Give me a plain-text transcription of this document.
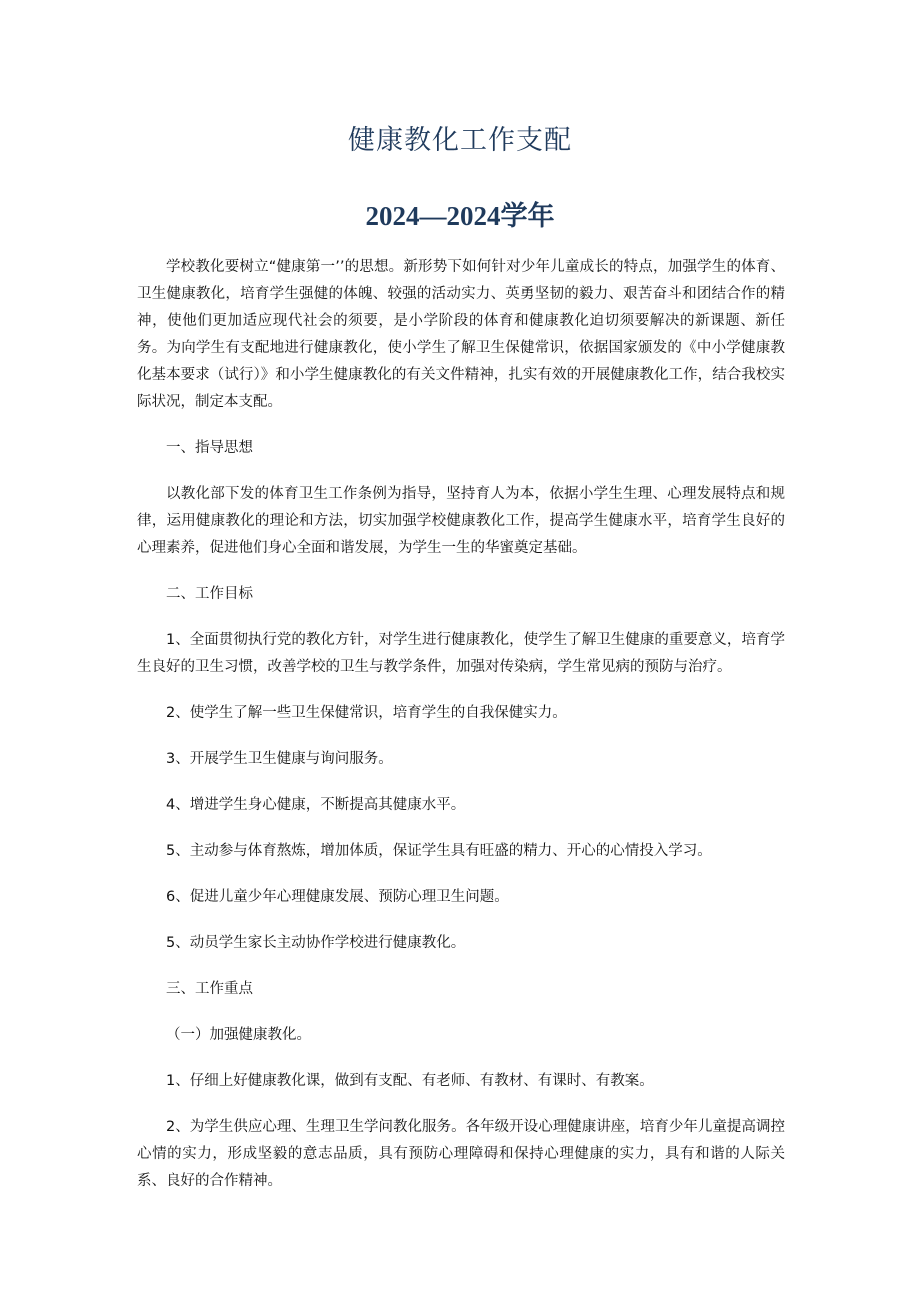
健康教化工作支配
2024—2024学年

学校教化要树立“健康第一’’的思想。新形势下如何针对少年儿童成长的特点，加强学生的体育、卫生健康教化，培育学生强健的体魄、较强的活动实力、英勇坚韧的毅力、艰苦奋斗和团结合作的精神，使他们更加适应现代社会的须要，是小学阶段的体育和健康教化迫切须要解决的新课题、新任务。为向学生有支配地进行健康教化，使小学生了解卫生保健常识，依据国家颁发的《中小学健康教化基本要求（试行）》和小学生健康教化的有关文件精神，扎实有效的开展健康教化工作，结合我校实际状况，制定本支配。

一、指导思想

以教化部下发的体育卫生工作条例为指导，坚持育人为本，依据小学生生理、心理发展特点和规律，运用健康教化的理论和方法，切实加强学校健康教化工作，提高学生健康水平，培育学生良好的心理素养，促进他们身心全面和谐发展，为学生一生的华蜜奠定基础。

二、工作目标

1、全面贯彻执行党的教化方针，对学生进行健康教化，使学生了解卫生健康的重要意义，培育学生良好的卫生习惯，改善学校的卫生与教学条件，加强对传染病，学生常见病的预防与治疗。

2、使学生了解一些卫生保健常识，培育学生的自我保健实力。

3、开展学生卫生健康与询问服务。

4、增进学生身心健康，不断提高其健康水平。

5、主动参与体育熬炼，增加体质，保证学生具有旺盛的精力、开心的心情投入学习。

6、促进儿童少年心理健康发展、预防心理卫生问题。

5、动员学生家长主动协作学校进行健康教化。

三、工作重点

（一）加强健康教化。

1、仔细上好健康教化课，做到有支配、有老师、有教材、有课时、有教案。

2、为学生供应心理、生理卫生学问教化服务。各年级开设心理健康讲座，培育少年儿童提高调控心情的实力，形成坚毅的意志品质，具有预防心理障碍和保持心理健康的实力，具有和谐的人际关系、良好的合作精神。
